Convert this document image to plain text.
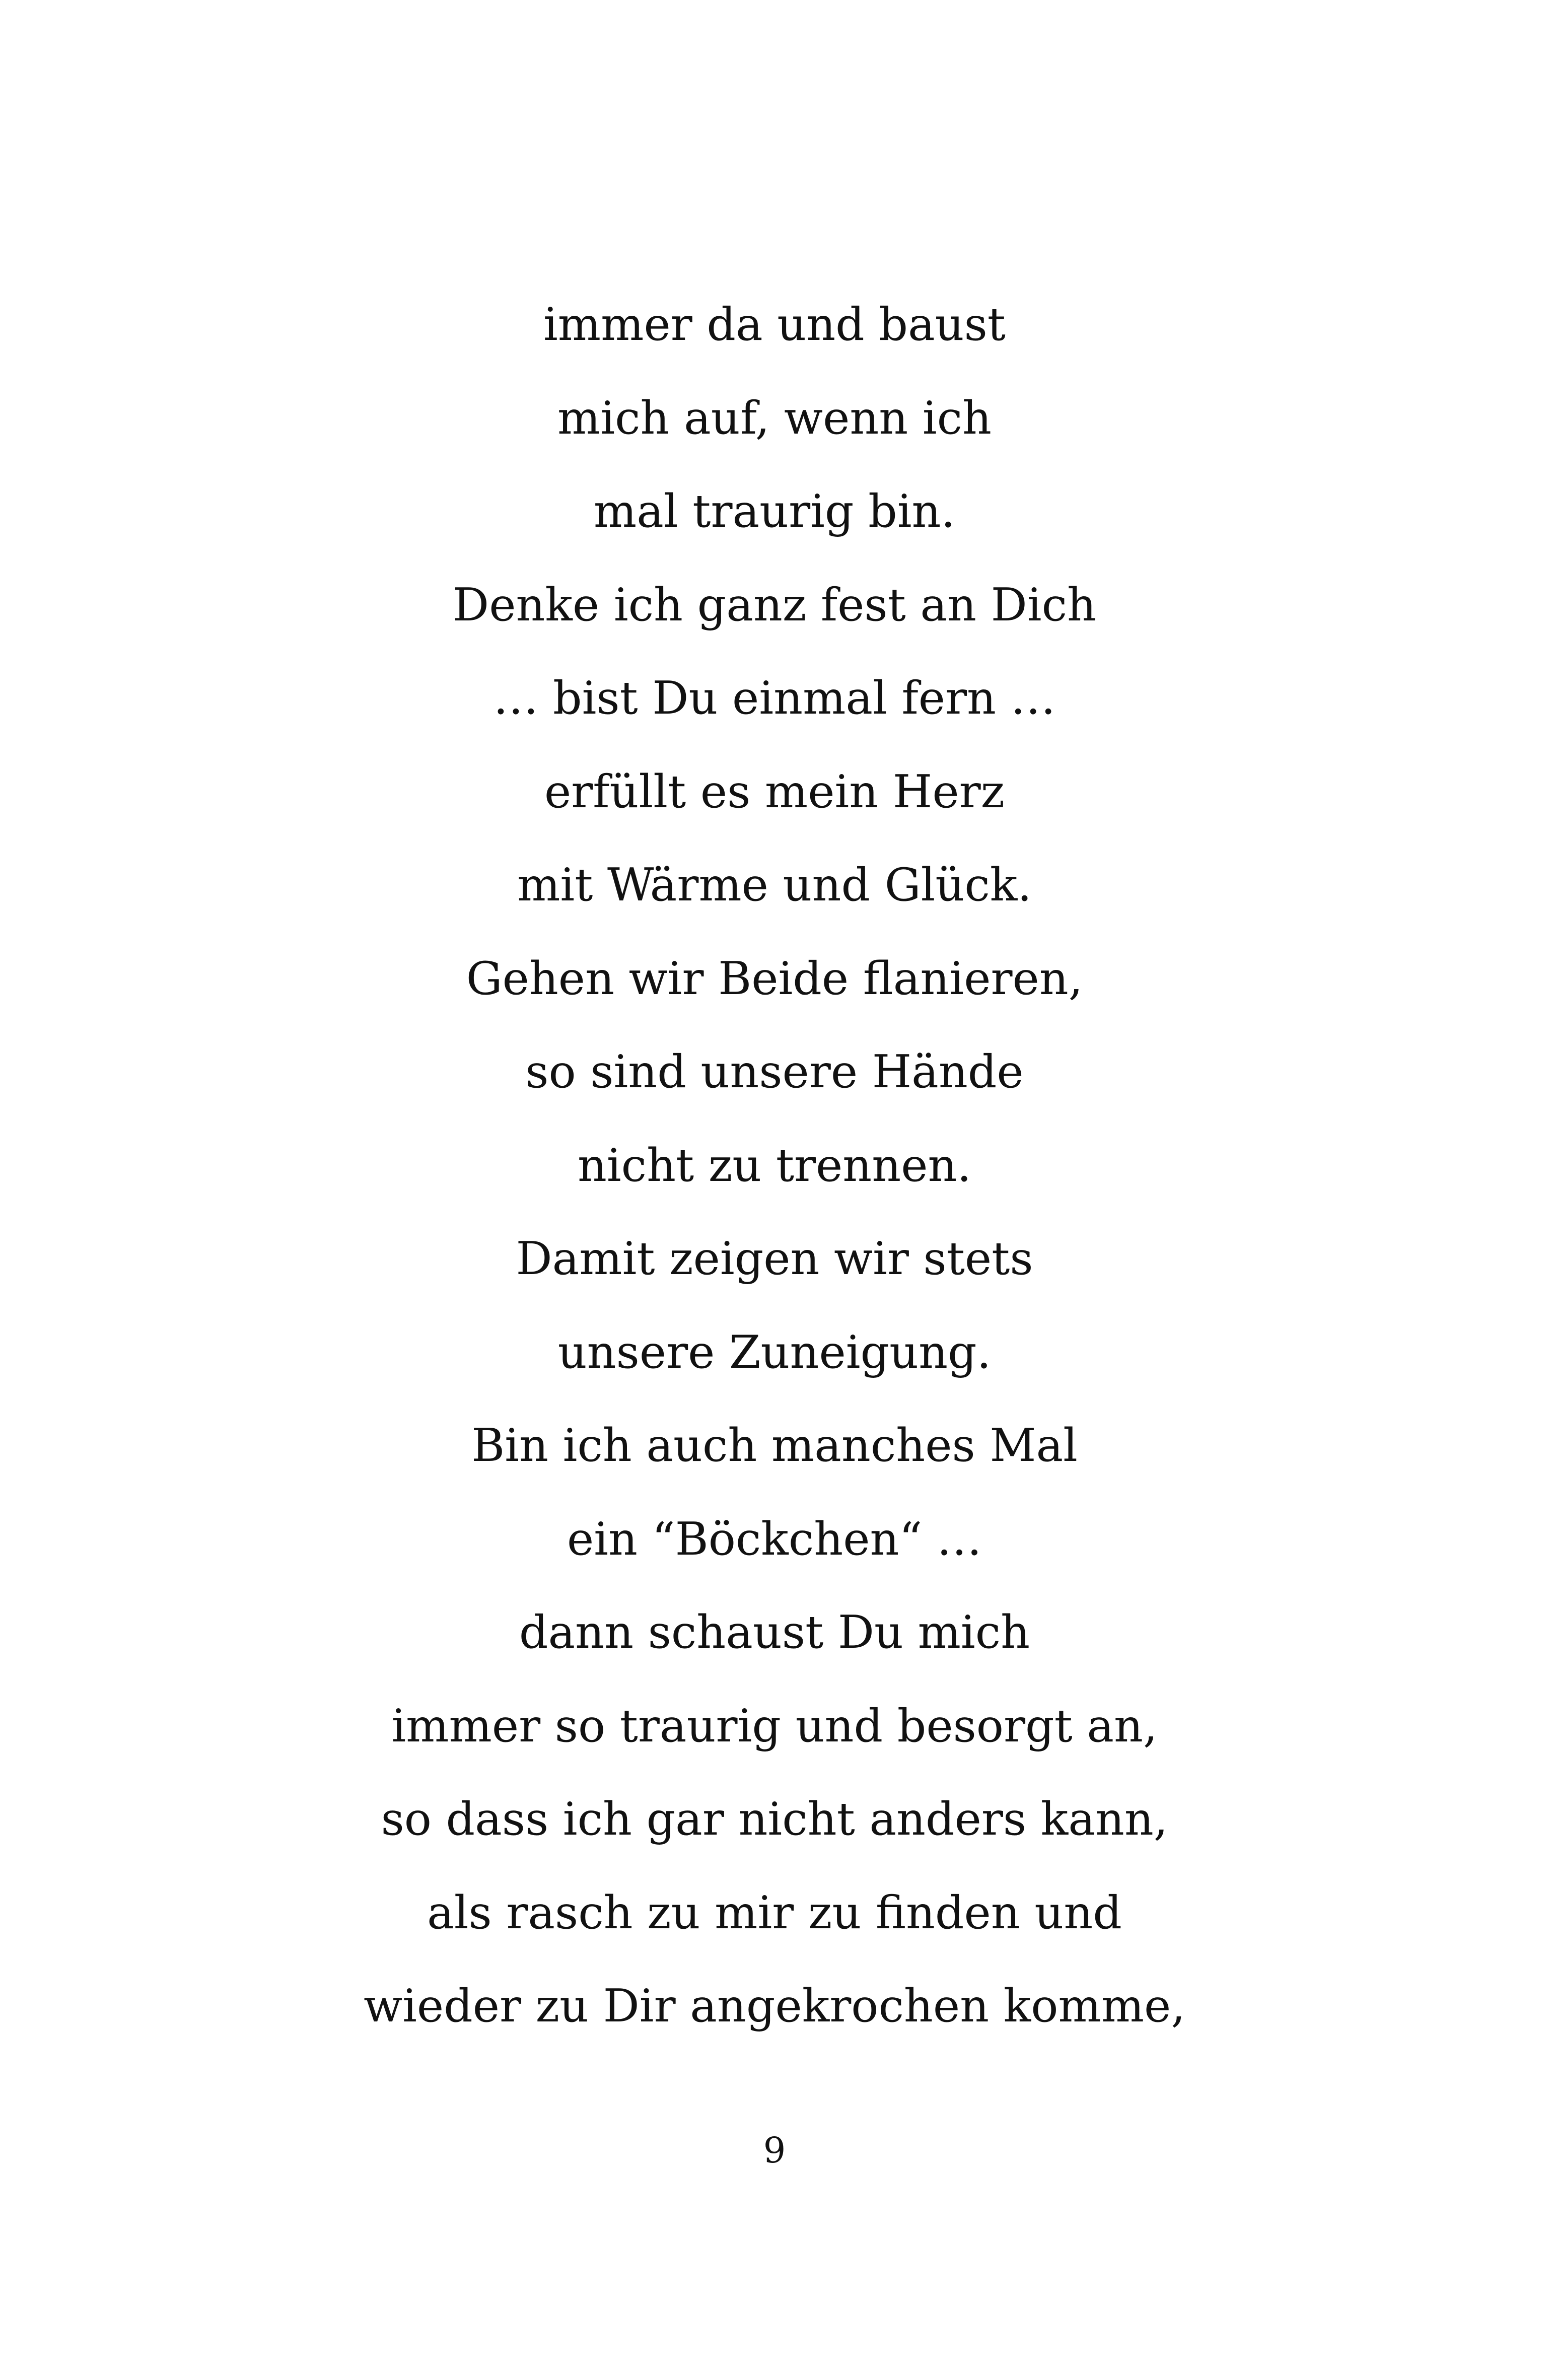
immer da und baust
mich auf, wenn ich
mal traurig bin.
Denke ich ganz fest an Dich
… bist Du einmal fern …
erfüllt es mein Herz
mit Wärme und Glück.
Gehen wir Beide flanieren,
so sind unsere Hände
nicht zu trennen.
Damit zeigen wir stets
unsere Zuneigung.
Bin ich auch manches Mal
ein “Böckchen“ …
dann schaust Du mich
immer so traurig und besorgt an,
so dass ich gar nicht anders kann,
als rasch zu mir zu finden und
wieder zu Dir angekrochen komme,
9
